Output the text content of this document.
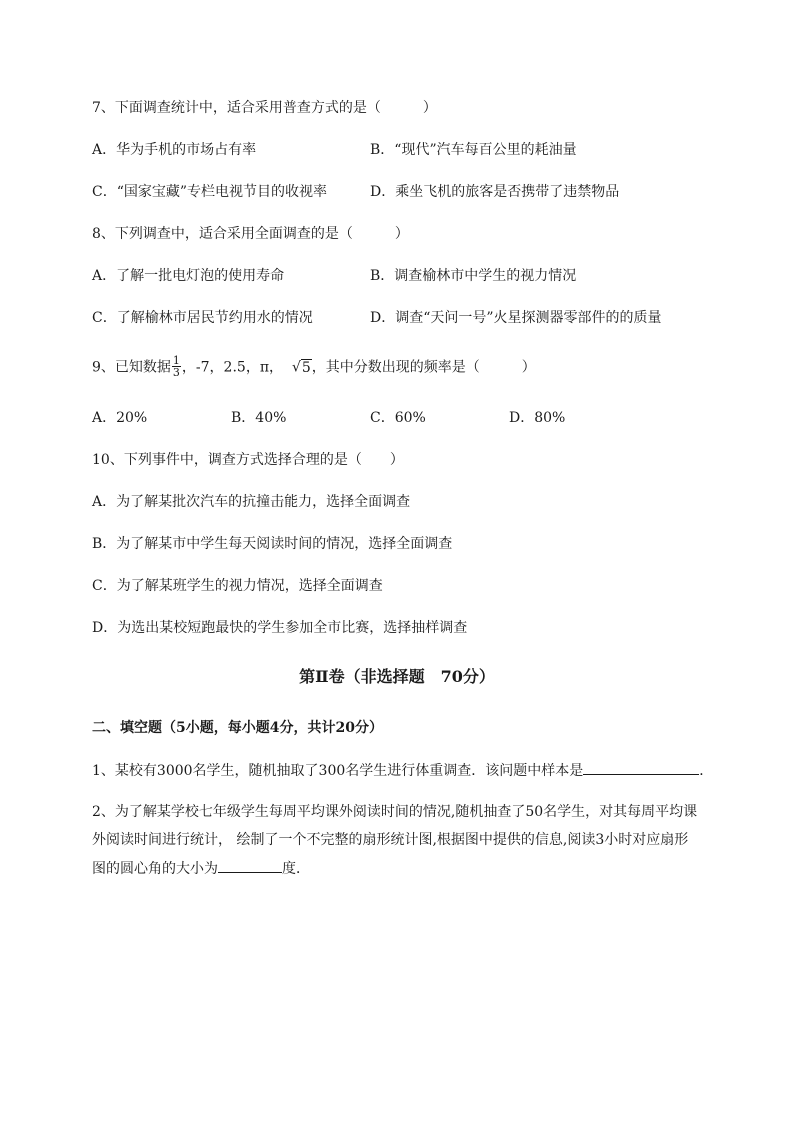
7、下面调查统计中，适合采用普查方式的是（　　　）
A．华为手机的市场占有率	B．“现代”汽车每百公里的耗油量
C．“国家宝藏”专栏电视节目的收视率	D．乘坐飞机的旅客是否携带了违禁物品
8、下列调查中，适合采用全面调查的是（　　　）
A．了解一批电灯泡的使用寿命	B．调查榆林市中学生的视力情况
C．了解榆林市居民节约用水的情况	D．调查“天问一号”火星探测器零部件的的质量
9、已知数据 $\frac{1}{3}$ ，-7，2.5，π，  √5，其中分数出现的频率是（　　　）
A．20%	B．40%	C．60%	D．80%
10、下列事件中，调查方式选择合理的是（　　）
A．为了解某批次汽车的抗撞击能力，选择全面调查
B．为了解某市中学生每天阅读时间的情况，选择全面调查
C．为了解某班学生的视力情况，选择全面调查
D．为选出某校短跑最快的学生参加全市比赛，选择抽样调查
第Ⅱ卷（非选择题　70分）
二、填空题（5小题，每小题4分，共计20分）
1、某校有3000名学生，随机抽取了300名学生进行体重调查．该问题中样本是	．
2、为了解某学校七年级学生每周平均课外阅读时间的情况,随机抽查了50名学生，对其每周平均课
外阅读时间进行统计， 绘制了一个不完整的扇形统计图,根据图中提供的信息,阅读3小时对应扇形
图的圆心角的大小为	度．
